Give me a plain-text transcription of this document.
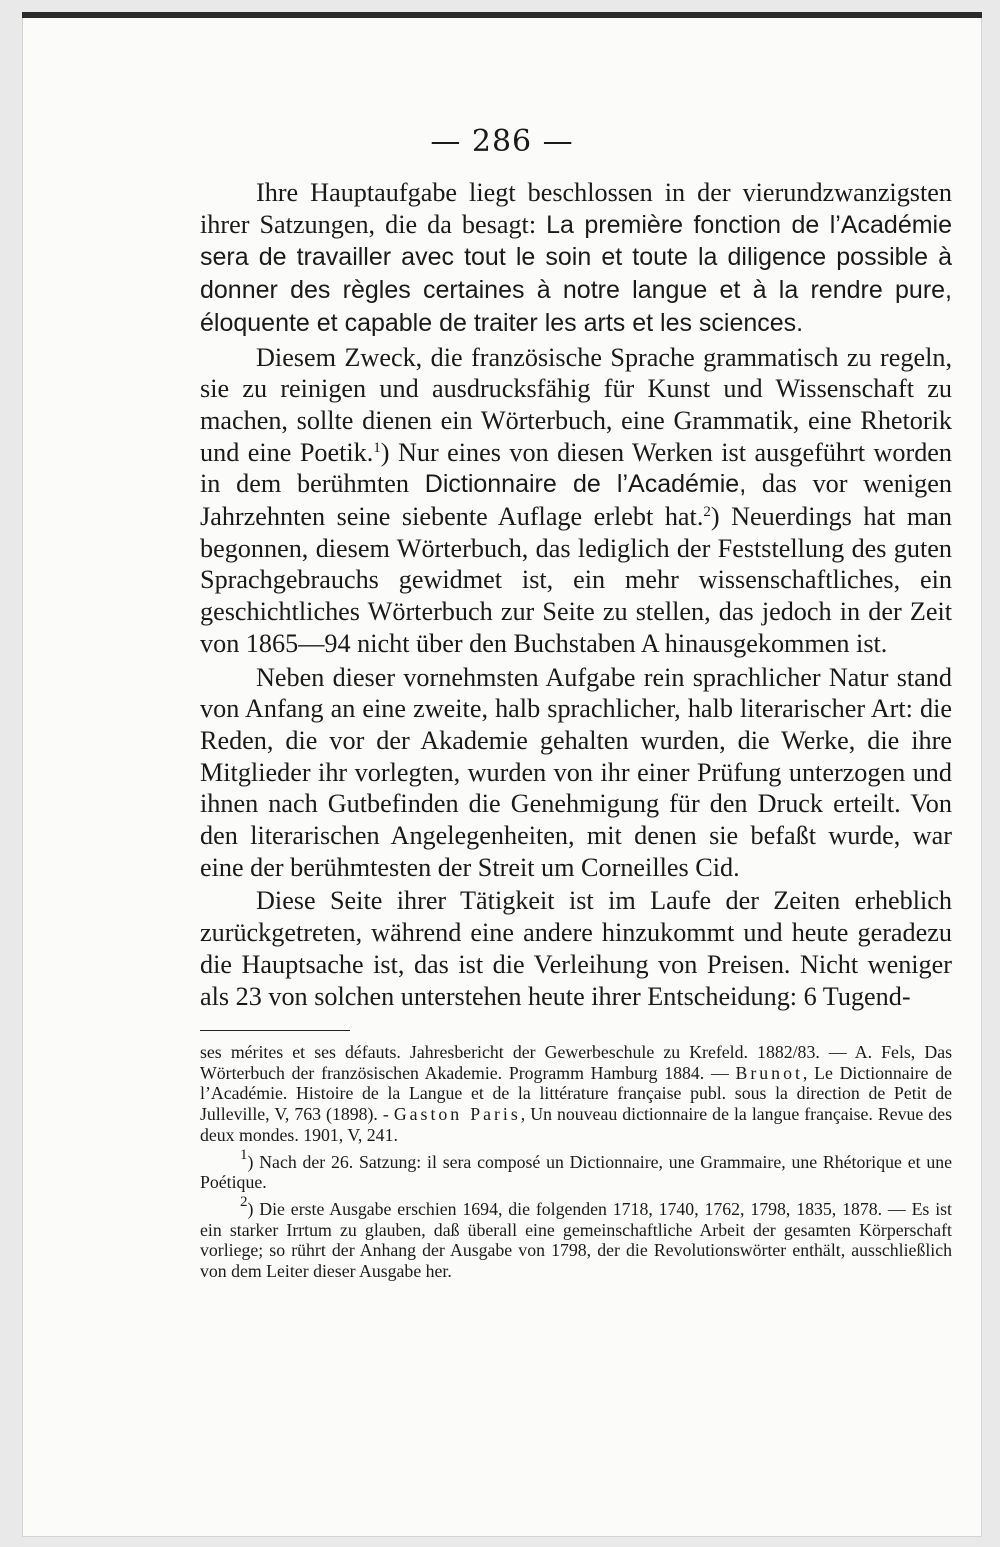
— 286 —

Ihre Hauptaufgabe liegt beschlossen in der vierundzwanzigsten ihrer Satzungen, die da besagt: La première fonction de l’Académie sera de travailler avec tout le soin et toute la diligence possible à donner des règles certaines à notre langue et à la rendre pure, éloquente et capable de traiter les arts et les sciences.

Diesem Zweck, die französische Sprache grammatisch zu regeln, sie zu reinigen und ausdrucksfähig für Kunst und Wissenschaft zu machen, sollte dienen ein Wörterbuch, eine Grammatik, eine Rhetorik und eine Poetik.$^1$) Nur eines von diesen Werken ist ausgeführt worden in dem berühmten Dictionnaire de l’Académie, das vor wenigen Jahrzehnten seine siebente Auflage erlebt hat.$^2$) Neuerdings hat man begonnen, diesem Wörterbuch, das lediglich der Feststellung des guten Sprachgebrauchs gewidmet ist, ein mehr wissenschaftliches, ein geschichtliches Wörterbuch zur Seite zu stellen, das jedoch in der Zeit von 1865—94 nicht über den Buchstaben A hinausgekommen ist.

Neben dieser vornehmsten Aufgabe rein sprachlicher Natur stand von Anfang an eine zweite, halb sprachlicher, halb literarischer Art: die Reden, die vor der Akademie gehalten wurden, die Werke, die ihre Mitglieder ihr vorlegten, wurden von ihr einer Prüfung unterzogen und ihnen nach Gutbefinden die Genehmigung für den Druck erteilt. Von den literarischen Angelegenheiten, mit denen sie befaßt wurde, war eine der berühmtesten der Streit um Corneilles Cid.

Diese Seite ihrer Tätigkeit ist im Laufe der Zeiten erheblich zurückgetreten, während eine andere hinzukommt und heute geradezu die Hauptsache ist, das ist die Verleihung von Preisen. Nicht weniger als 23 von solchen unterstehen heute ihrer Entscheidung: 6 Tugend-

ses mérites et ses défauts. Jahresbericht der Gewerbeschule zu Krefeld. 1882/83. — A. Fels, Das Wörterbuch der französischen Akademie. Programm Hamburg 1884. — Brunot, Le Dictionnaire de l’Académie. Histoire de la Langue et de la littérature française publ. sous la direction de Petit de Julleville, V, 763 (1898). - Gaston Paris, Un nouveau dictionnaire de la langue française. Revue des deux mondes. 1901, V, 241.

$^1$) Nach der 26. Satzung: il sera composé un Dictionnaire, une Grammaire, une Rhétorique et une Poétique.

$^2$) Die erste Ausgabe erschien 1694, die folgenden 1718, 1740, 1762, 1798, 1835, 1878. — Es ist ein starker Irrtum zu glauben, daß überall eine gemeinschaftliche Arbeit der gesamten Körperschaft vorliege; so rührt der Anhang der Ausgabe von 1798, der die Revolutionswörter enthält, ausschließlich von dem Leiter dieser Ausgabe her.
